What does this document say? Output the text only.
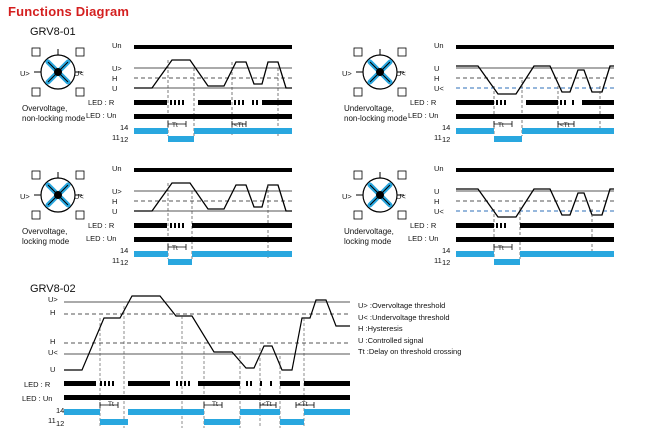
Functions Diagram
GRV8-01
U>	U<
Overvoltage,
non-locking mode
Un
U>
H
U
LED : R
LED : Un
14
11 12
Tt	<Tt
U>	U<
Undervoltage,
non-locking mode
Un
U
H
U<
LED : R
LED : Un
14
11 12
Tt	<Tt
U>	U<
Overvoltage,
locking mode
Un
U>
H
U
LED : R
LED : Un
14
11 12
Tt
U>	U<
Undervoltage,
locking mode
Un
U
H
U<
LED : R
LED : Un
14
11 12
Tt
GRV8-02
U>
H
H
U<
U
LED : R
LED : Un
14
11 12
Tt	Tt	<Tt	<Tt
U> :Overvoltage threshold
U< :Undervoltage threshold
H :Hysteresis
U :Controlled signal
Tt :Delay on threshold crossing
